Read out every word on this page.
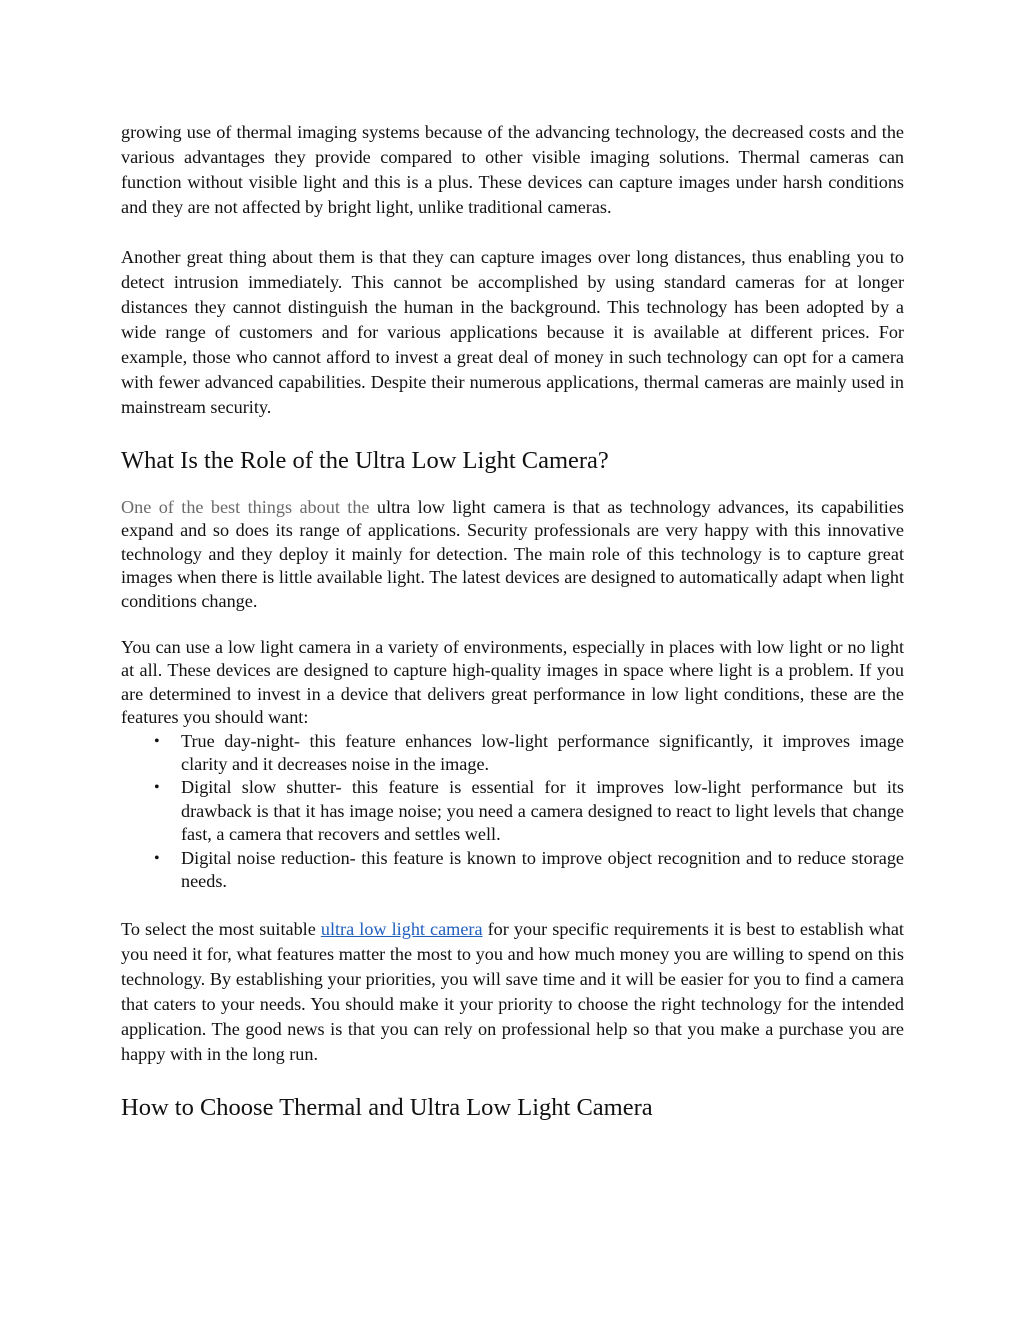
growing use of thermal imaging systems because of the advancing technology, the decreased costs and the various advantages they provide compared to other visible imaging solutions. Thermal cameras can function without visible light and this is a plus. These devices can capture images under harsh conditions and they are not affected by bright light, unlike traditional cameras.

Another great thing about them is that they can capture images over long distances, thus enabling you to detect intrusion immediately. This cannot be accomplished by using standard cameras for at longer distances they cannot distinguish the human in the background. This technology has been adopted by a wide range of customers and for various applications because it is available at different prices. For example, those who cannot afford to invest a great deal of money in such technology can opt for a camera with fewer advanced capabilities. Despite their numerous applications, thermal cameras are mainly used in mainstream security.

What Is the Role of the Ultra Low Light Camera?

One of the best things about the ultra low light camera is that as technology advances, its capabilities expand and so does its range of applications. Security professionals are very happy with this innovative technology and they deploy it mainly for detection. The main role of this technology is to capture great images when there is little available light. The latest devices are designed to automatically adapt when light conditions change.

You can use a low light camera in a variety of environments, especially in places with low light or no light at all. These devices are designed to capture high-quality images in space where light is a problem. If you are determined to invest in a device that delivers great performance in low light conditions, these are the features you should want:

• True day-night- this feature enhances low-light performance significantly, it improves image clarity and it decreases noise in the image.
• Digital slow shutter- this feature is essential for it improves low-light performance but its drawback is that it has image noise; you need a camera designed to react to light levels that change fast, a camera that recovers and settles well.
• Digital noise reduction- this feature is known to improve object recognition and to reduce storage needs.

To select the most suitable ultra low light camera for your specific requirements it is best to establish what you need it for, what features matter the most to you and how much money you are willing to spend on this technology. By establishing your priorities, you will save time and it will be easier for you to find a camera that caters to your needs. You should make it your priority to choose the right technology for the intended application. The good news is that you can rely on professional help so that you make a purchase you are happy with in the long run.

How to Choose Thermal and Ultra Low Light Camera
